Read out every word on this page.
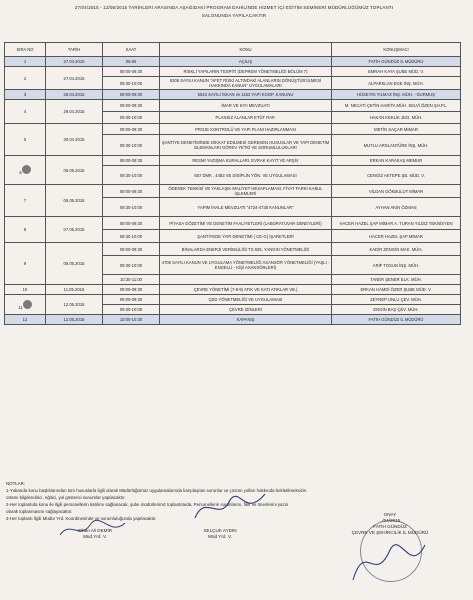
27/04/2015 - 12/05/2015 TARİHLERİ ARASINDA AŞAĞIDAKİ PROGRAM DAHİLİNDE HİZMET İÇİ EĞİTİM SEMİNERİ MÜDÜRLÜĞÜMÜZ TOPLANTI
SALONUNDA YAPILACAKTIR
SIRA NO	TARİH	SAAT	KONU	KONUŞMACI
1	27.04.2015	08.50	AÇILIŞ	FATİH GÜNDÜZ İL MÜDÜRÜ
2	27.04.2015	09:00-09:30	RİSKLİ YAPILARIN TESPİTİ (DEPREM YÖNETMELİĞİ BÖLÜM 7)	EMRAH KAYA ŞUBE MÜD. V.
		09:30-10:00	6306 SAYILI KANUN "AFET RİSKİ ALTINDAKİ ALANLARIN DÖNÜŞTÜRÜLMESİ HAKKINDA KANUN" UYGULAMALARI	ALPARSLAN EGE İNŞ. MÜH.
3	28.04.2015	09:00-09:30	5543 SAYILI İSKAN ve 1163 YAPI KOOP. KANUNU	HÜSEYİN YILMAZ İNŞ. MÜH. - DURMUŞ
4	29.04.2015	09:00-09:30	İMAR VE KIYI MEVZUATI	M. NECATİ ÇETİN HARİTA MÜH. SELVİ ÖZEN ŞH.PL.
		09:30-10:00	PLANSIZ ALANLAR ETÜT RAP.	HAKAN KEKLİK JEO. MÜH.
5	30.04.2015	09:00-09:30	PROJE KONTROLÜ VE YAPI PLANI HAZIRLANMASI	METİN SAÇAR MİMAR
		09:30-10:00	ŞANTİYE DENETİMİNDE DİKKAT EDİLMESİ GEREKEN HUSUSLAR VE YAPI DENETİM ELEMANLARI GÖREV YETKİ VE SORUMLULUKLARI	MUTLU ARSLANTÜRE İNŞ. MÜH.
6	05.05.2015	09:00-09:30	RESMİ YAZIŞMA KURALLARI, EVRAK KAYIT VE ARŞİV	ERKAN KARAKAŞ MEMUR
		09:30-10:00	657 DMK , 4483 VE DİSİPLİN YÖN. VE UYGULAMASI	CENGİZ AKTEPE ŞB. MÜD. V.
7	06.05.2015	09:00-09:30	ÖDENEK TENKİSİ VE YAKLAŞIK MALİYET HESAPLAMASI, FİYAT FARKI KABUL İŞLEMLERİ	VİLDAN GÖKBULUT MİMAR
		09:30-10:00	YAPIM İHALE MEVZUATI "4734-4735 KANUNLAR"	AYHAN AKIN ÖZMAN
8	07.05.2015	09:00-09:30	PİYASA GÖZETİMİ VE DENETİM FAALİYETLERİ (LABORATUVAR DENEYLERİ)	HACER HAZEL ŞAP MİMAR A. TURAN YILDIZ TEKNİSYEN
		09:30-10:00	ŞANTİYEDE YAPI DENETİMİ ( CE-G) İŞARETLERİ	HACER HAZEL ŞAP MİMAR
9	08.05.2015	09:00-09:30	BİNALARDA ENERJİ VERİMLİLİĞİ TS 825, YANGIN YÖNETMELİĞİ	KADİR ZENGİN MAK. MÜH.
		09:30-10:00	4708 SAYILI KANUN VE UYGULAMA YÖNETMELİĞİ ASANSÖR YÖNETMELİĞİ (YAŞLI - ENGELLİ - KİŞİ ASANSÖRLERİ)	ARİF TOSUN İNŞ. MÜH.
		10:30-11:00		TANER ŞENER ELK. MÜH.
10	11.05.2015	09:00-09:30	ÇEVRE YÖNETİMİ (7-8-9) ATIK VE KATI ATIKLAR VB.)	ERKAN HAMDİ ÖZER ŞUBE MÜD. V.
11	12.05.2015	09:00-09:30	ÇED YÖNETMELİĞİ VE UYGULAMASI	ZEYNEP UNLU ÇEV. MÜH.
		09:30-10:00	ÇEVRE İZİNLERİ	ENGİN BAŞ ÇEV. MÜH.
12	12.05.2015	10:00-10:30	KAPANIŞ	FATİH GÜNDÜZ İL MÜDÜRÜ
NOTLAR:
1-Yukarıda konu başlıklarından tüm hususlarla ilgili olarak Müdürlüğümüz uygulamalarında karşılaşılan sorunlar ve çözüm yolları hakkında bekletilmeksizin
ortamı bilgilendirici, eğitici, yol gösterici sunumlar yapılacaktır.
2-Her toplantıda konu ile ilgili personellerin katılımı sağlanacak, şube müdürlerimiz toplantılarda, Personellerin sorunlarını, fikir ve önerilerini yazılı
olarak toplanmasını sağlayacaktır.
3-Her toplantı İlgili Müdür Yrd. Koordinesinde ve sorumluluğunda yapılacaktır.
Cihan Ali DEMİR
Müd.Yrd. V.
SELÇUK AYDIN
Müd Yrd. V.
ONAY
../04/2015
FATİH GÜNDÜZ
ÇEVRE VE ŞEHİRCİLİK İL MÜDÜRÜ
